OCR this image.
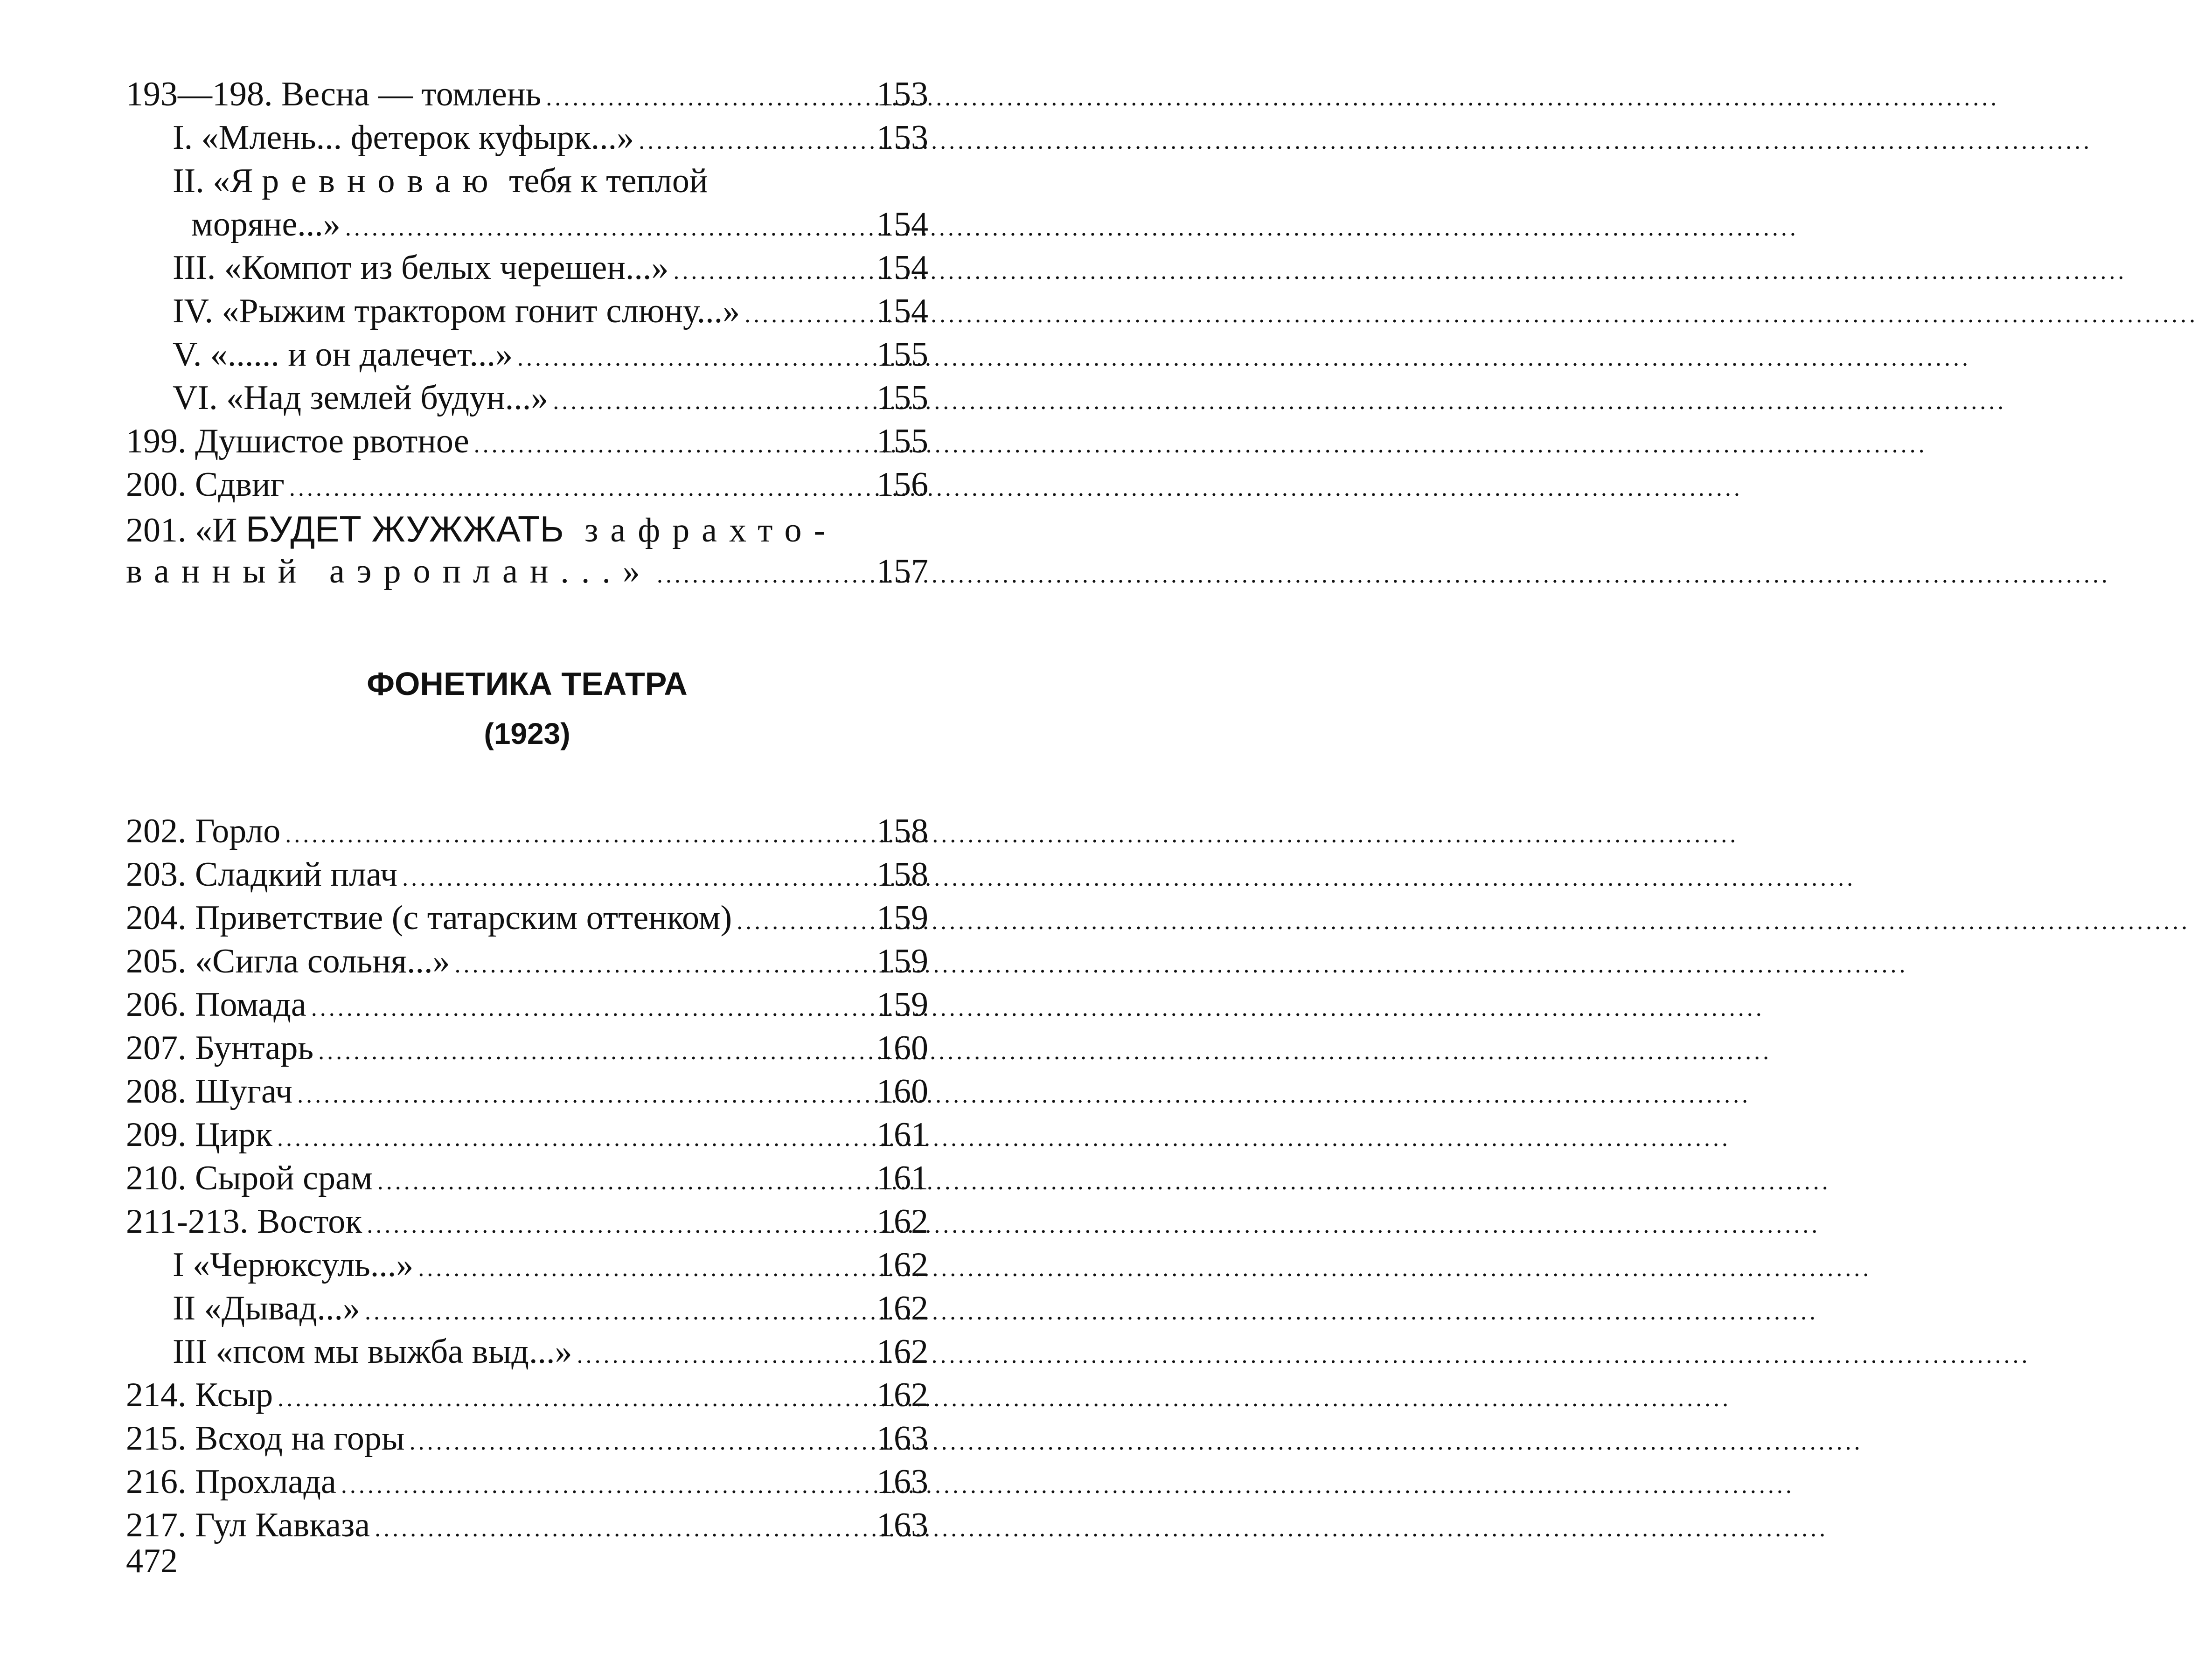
193—198. Весна — томлень .....	153
I. «Млень... фетерок куфырк...» .....	153
II. «Я ревноваю тебя к теплой
моряне...» .....	154
III. «Компот из белых черешен...» .....	154
IV. «Рыжим трактором гонит слюну...» .....	154
V. «...... и он далечет...» .....	155
VI. «Над землей будун...» .....	155
199. Душистое рвотное .....	155
200. Сдвиг .....	156
201. «И БУДЕТ ЖУЖЖАТЬ зафрахто-
ванный аэроплан...» .....	157
ФОНЕТИКА ТЕАТРА
(1923)
202. Горло .....	158
203. Сладкий плач .....	158
204. Приветствие (с татарским оттенком) .....	159
205. «Сигла сольня...» .....	159
206. Помада .....	159
207. Бунтарь .....	160
208. Шугач .....	160
209. Цирк .....	161
210. Сырой срам .....	161
211-213. Восток .....	162
I «Черюксуль...» .....	162
II «Дывад...» .....	162
III «псом мы выжба выд...» .....	162
214. Ксыр .....	162
215. Всход на горы .....	163
216. Прохлада .....	163
217. Гул Кавказа .....	163
472
